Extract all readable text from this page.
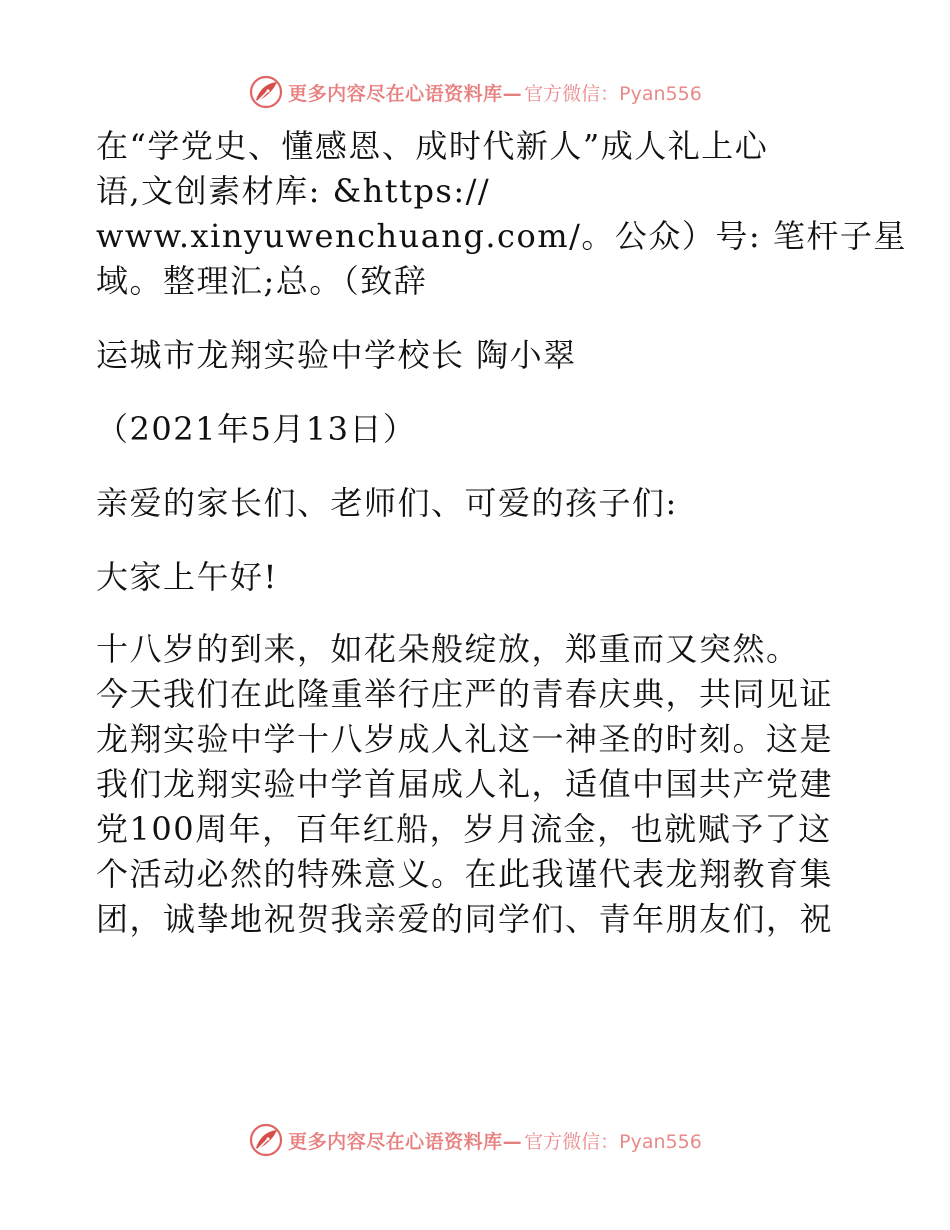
更多内容尽在心语资料库— 官方微信：Pyan556
在“学党史、懂感恩、成时代新人”成人礼上心
语,文创素材库: &https://
www.xinyuwenchuang.com/。公众）号: 笔杆子星
域。整理汇;总。（致辞
运城市龙翔实验中学校长 陶小翠
（2021年5月13日）
亲爱的家长们、老师们、可爱的孩子们:
大家上午好!
十八岁的到来，如花朵般绽放，郑重而又突然。
今天我们在此隆重举行庄严的青春庆典，共同见证
龙翔实验中学十八岁成人礼这一神圣的时刻。这是
我们龙翔实验中学首届成人礼，适值中国共产党建
党100周年，百年红船，岁月流金，也就赋予了这
个活动必然的特殊意义。在此我谨代表龙翔教育集
团，诚挚地祝贺我亲爱的同学们、青年朋友们，祝
更多内容尽在心语资料库— 官方微信：Pyan556
